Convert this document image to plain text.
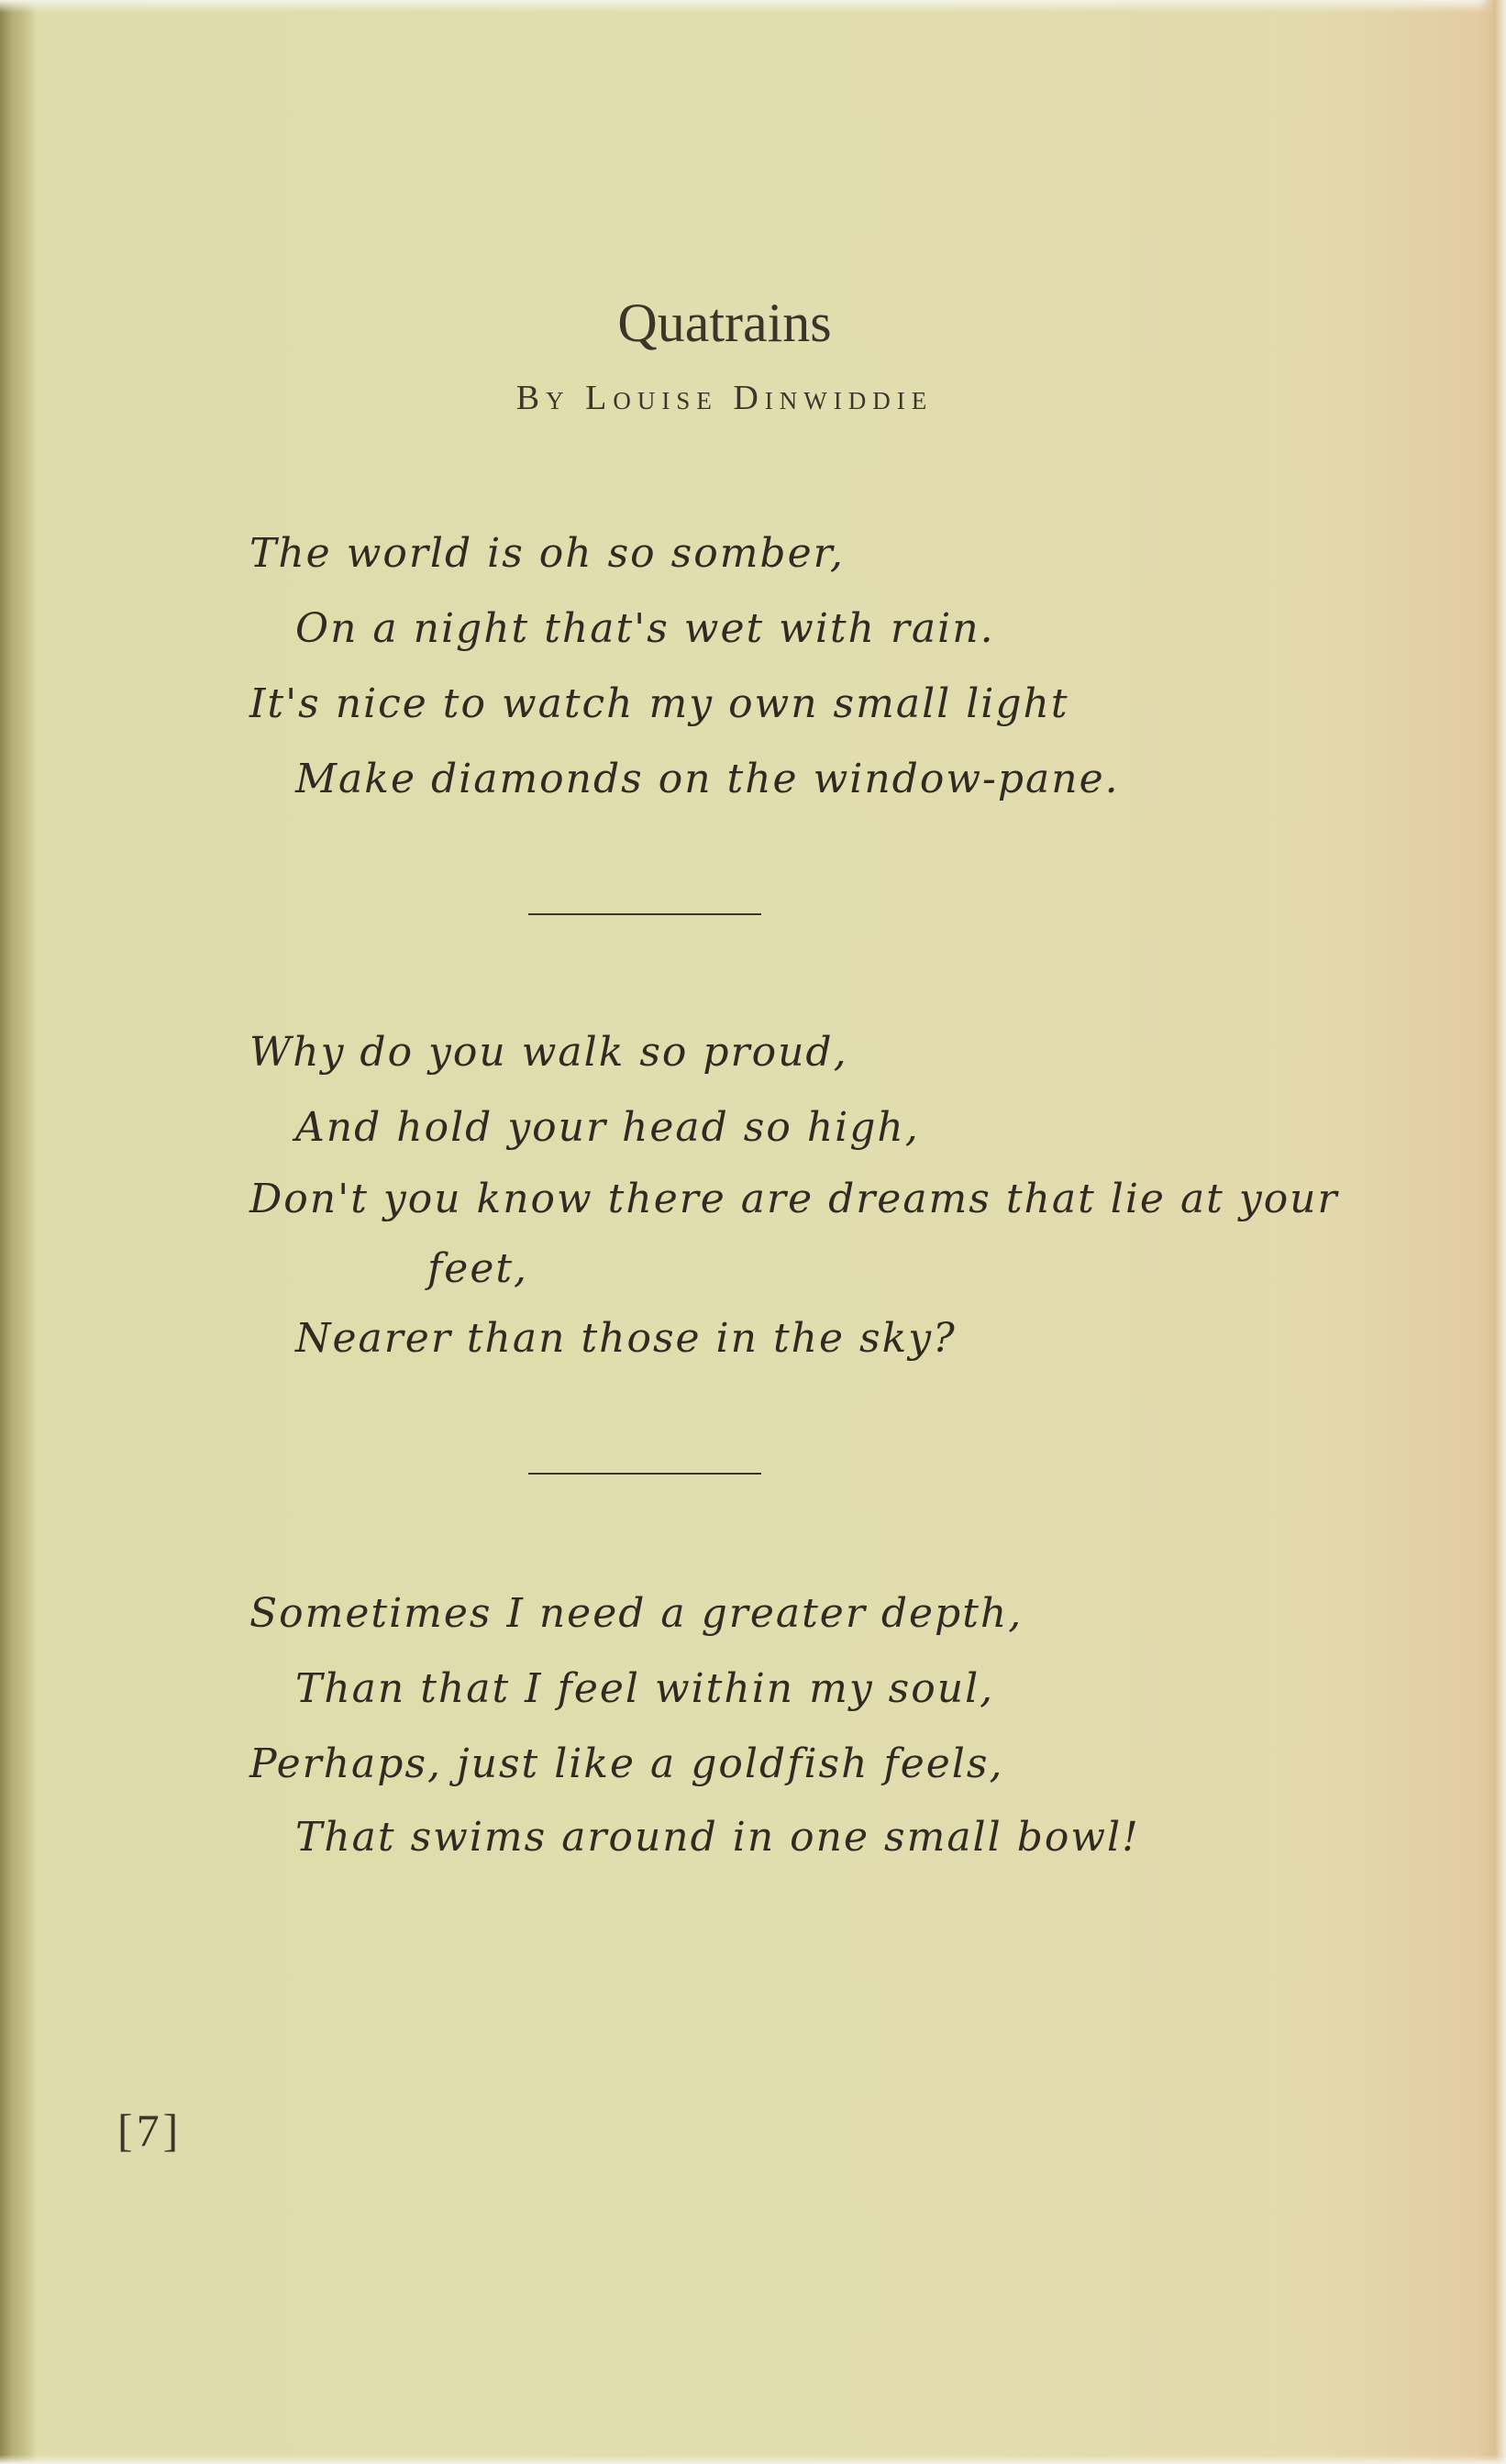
Quatrains
By Louise Dinwiddie
The world is oh so somber,
On a night that's wet with rain.
It's nice to watch my own small light
Make diamonds on the window-pane.
Why do you walk so proud,
And hold your head so high,
Don't you know there are dreams that lie at your
feet,
Nearer than those in the sky?
Sometimes I need a greater depth,
Than that I feel within my soul,
Perhaps, just like a goldfish feels,
That swims around in one small bowl!
[7]
